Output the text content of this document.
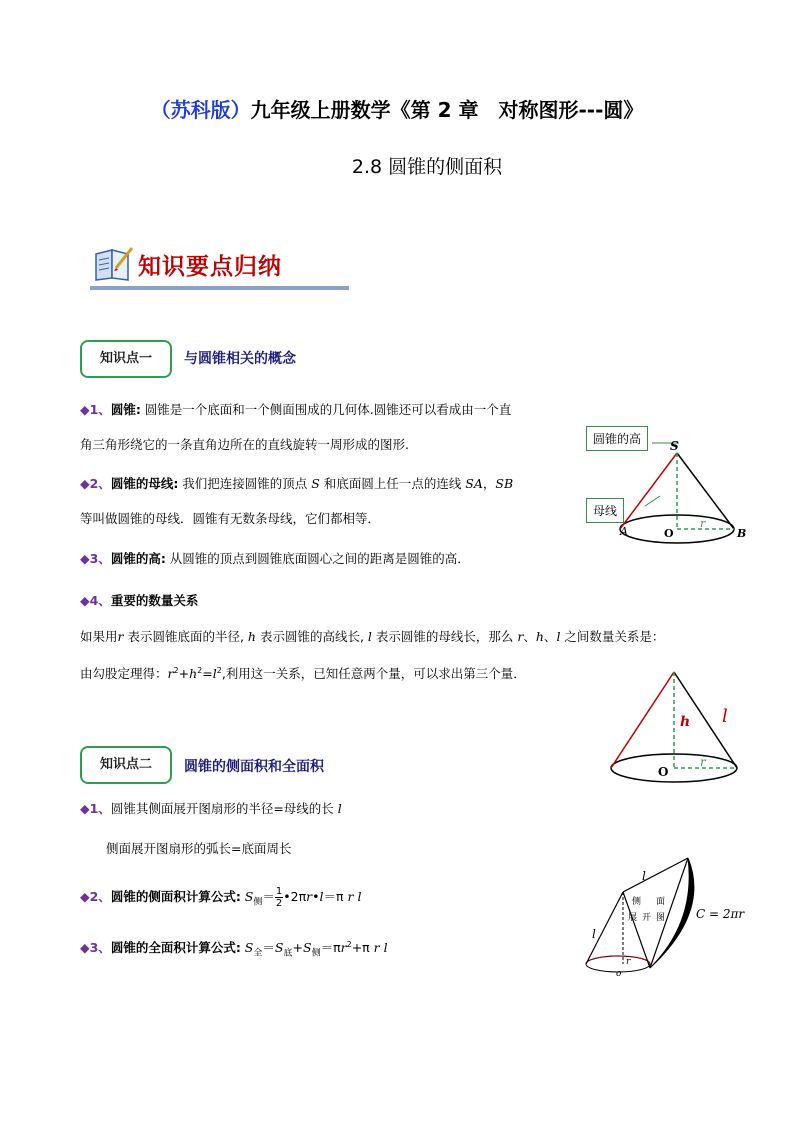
（苏科版）九年级上册数学《第 2 章　对称图形---圆》
2.8 圆锥的侧面积
知识要点归纳
知识点一	与圆锥相关的概念
◆1、圆锥: 圆锥是一个底面和一个侧面围成的几何体.圆锥还可以看成由一个直
角三角形绕它的一条直角边所在的直线旋转一周形成的图形.
◆2、圆锥的母线: 我们把连接圆锥的顶点 S 和底面圆上任一点的连线 SA，SB
等叫做圆锥的母线．圆锥有无数条母线，它们都相等．
◆3、圆锥的高: 从圆锥的顶点到圆锥底面圆心之间的距离是圆锥的高．
◆4、重要的数量关系
如果用r 表示圆锥底面的半径, h 表示圆锥的高线长, l 表示圆锥的母线长，那么 r、h、l 之间数量关系是：
由勾股定理得：$r^2+h^2=l^2$,利用这一关系，已知任意两个量，可以求出第三个量．
圆锥的高
母线
S
A	O	B
r
h l
O
r
知识点二	圆锥的侧面积和全面积
◆1、圆锥其侧面展开图扇形的半径=母线的长 l
侧面展开图扇形的弧长=底面周长
◆2、圆锥的侧面积计算公式: $S_侧= \frac{1}{2}$ •2πr•l＝π r l
◆3、圆锥的全面积计算公式: $S_全=S_底+S_侧=\pi r^2+\pi$ r l
l
l
侧 面
展 开 图	C = 2πr
r
o
